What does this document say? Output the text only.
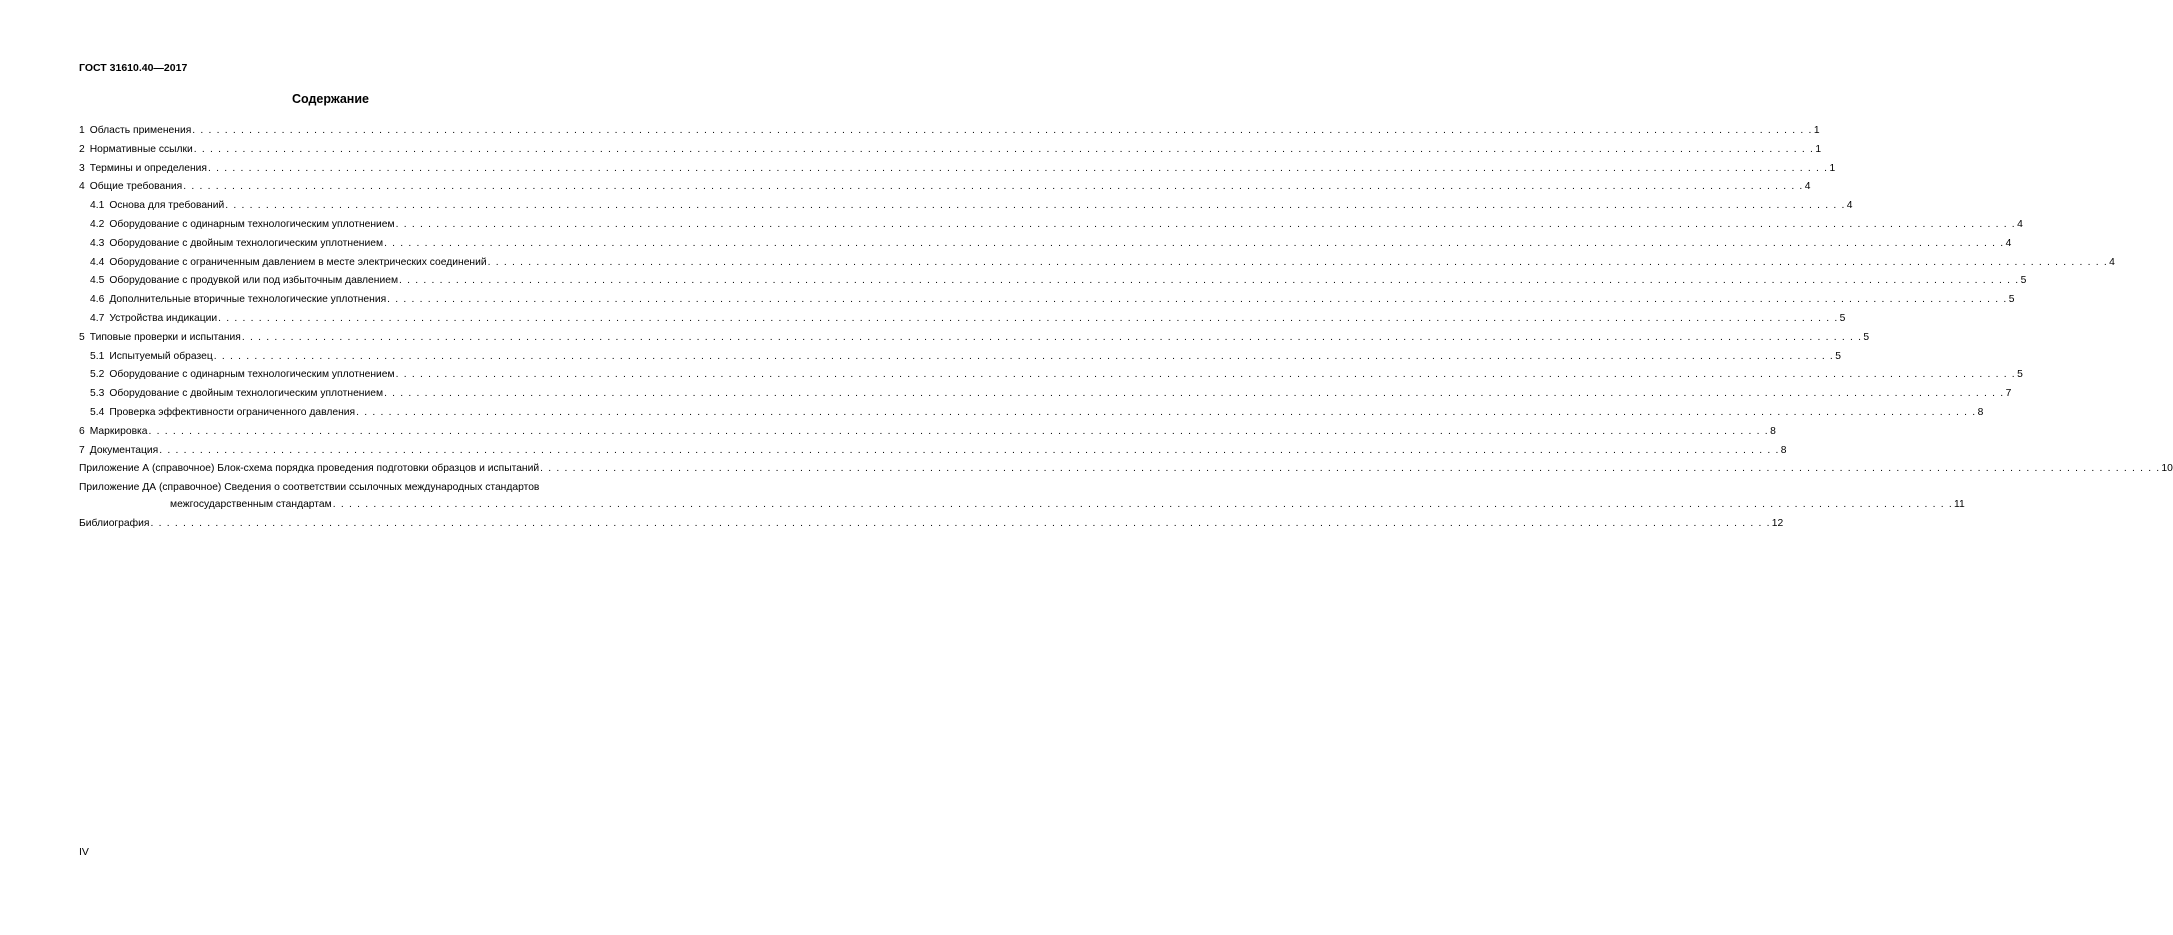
ГОСТ 31610.40—2017
Содержание
1 Область применения . . . . . . . . . . . . . . . . . . . . . . . . . . . . . . . . . . . . . . . . . . . . . . . . . . . . . . . . . . . . . . . . . . . . . . . . . . . . . . . . . . . . . . . . . . . . . . . . . . . . . . . . . . . . . . . . . . . . . . . . . . . . . . . . . . . . . . . . . . . . . . . . . . . . . . . . . . . . . . . . . . . . . . . . . . . . . . . . . . . . . . . . . . . . . . . . . . . . . . . . 1
2 Нормативные ссылки . . . . . . . . . . . . . . . . . . . . . . . . . . . . . . . . . . . . . . . . . . . . . . . . . . . . . . . . . . . . . . . . . . . . . . . . . . . . . . . . . . . . . . . . . . . . . . . . . . . . . . . . . . . . . . . . . . . . . . . . . . . . . . . . . . . . . . . . . . . . . . . . . . . . . . . . . . . . . . . . . . . . . . . . . . . . . . . . . . . . . . . . . . . . . . . . . . . . . . . . 1
3 Термины и определения . . . . . . . . . . . . . . . . . . . . . . . . . . . . . . . . . . . . . . . . . . . . . . . . . . . . . . . . . . . . . . . . . . . . . . . . . . . . . . . . . . . . . . . . . . . . . . . . . . . . . . . . . . . . . . . . . . . . . . . . . . . . . . . . . . . . . . . . . . . . . . . . . . . . . . . . . . . . . . . . . . . . . . . . . . . . . . . . . . . . . . . . . . . . . . . . . . . . . . . . 1
4 Общие требования . . . . . . . . . . . . . . . . . . . . . . . . . . . . . . . . . . . . . . . . . . . . . . . . . . . . . . . . . . . . . . . . . . . . . . . . . . . . . . . . . . . . . . . . . . . . . . . . . . . . . . . . . . . . . . . . . . . . . . . . . . . . . . . . . . . . . . . . . . . . . . . . . . . . . . . . . . . . . . . . . . . . . . . . . . . . . . . . . . . . . . . . . . . . . . . . . . . . . . . . 4
4.1 Основа для требований . . . . . . . . . . . . . . . . . . . . . . . . . . . . . . . . . . . . . . . . . . . . . . . . . . . . . . . . . . . . . . . . . . . . . . . . . . . . . . . . . . . . . . . . . . . . . . . . . . . . . . . . . . . . . . . . . . . . . . . . . . . . . . . . . . . . . . . . . . . . . . . . . . . . . . . . . . . . . . . . . . . . . . . . . . . . . . . . . . . . . . . . . . . . . . . . . . . . . . . . 4
4.2 Оборудование с одинарным технологическим уплотнением . . . . . . . . . . . . . . . . . . . . . . . . . . . . . . . . . . . . . . . . . . . . . . . . . . . . . . . . . . . . . . . . . . . . . . . . . . . . . . . . . . . . . . . . . . . . . . . . . . . . . . . . . . . . . . . . . . . . . . . . . . . . . . . . . . . . . . . . . . . . . . . . . . . . . . . . . . . . . . . . . . . . . . . . . . . . . . . . . . . . . . . . . . . . . . . . . . . . . . . . 4
4.3 Оборудование с двойным технологическим уплотнением . . . . . . . . . . . . . . . . . . . . . . . . . . . . . . . . . . . . . . . . . . . . . . . . . . . . . . . . . . . . . . . . . . . . . . . . . . . . . . . . . . . . . . . . . . . . . . . . . . . . . . . . . . . . . . . . . . . . . . . . . . . . . . . . . . . . . . . . . . . . . . . . . . . . . . . . . . . . . . . . . . . . . . . . . . . . . . . . . . . . . . . . . . . . . . . . . . . . . . . . 4
4.4 Оборудование с ограниченным давлением в месте электрических соединений . . . . . . . . . . . . . . . . . . . . . . . . . . . . . . . . . . . . . . . . . . . . . . . . . . . . . . . . . . . . . . . . . . . . . . . . . . . . . . . . . . . . . . . . . . . . . . . . . . . . . . . . . . . . . . . . . . . . . . . . . . . . . . . . . . . . . . . . . . . . . . . . . . . . . . . . . . . . . . . . . . . . . . . . . . . . . . . . . . . . . . . . . . . . . . . . . . . . . . . . 4
4.5 Оборудование с продувкой или под избыточным давлением . . . . . . . . . . . . . . . . . . . . . . . . . . . . . . . . . . . . . . . . . . . . . . . . . . . . . . . . . . . . . . . . . . . . . . . . . . . . . . . . . . . . . . . . . . . . . . . . . . . . . . . . . . . . . . . . . . . . . . . . . . . . . . . . . . . . . . . . . . . . . . . . . . . . . . . . . . . . . . . . . . . . . . . . . . . . . . . . . . . . . . . . . . . . . . . . . . . . . . . . 5
4.6 Дополнительные вторичные технологические уплотнения . . . . . . . . . . . . . . . . . . . . . . . . . . . . . . . . . . . . . . . . . . . . . . . . . . . . . . . . . . . . . . . . . . . . . . . . . . . . . . . . . . . . . . . . . . . . . . . . . . . . . . . . . . . . . . . . . . . . . . . . . . . . . . . . . . . . . . . . . . . . . . . . . . . . . . . . . . . . . . . . . . . . . . . . . . . . . . . . . . . . . . . . . . . . . . . . . . . . . . . . 5
4.7 Устройства индикации . . . . . . . . . . . . . . . . . . . . . . . . . . . . . . . . . . . . . . . . . . . . . . . . . . . . . . . . . . . . . . . . . . . . . . . . . . . . . . . . . . . . . . . . . . . . . . . . . . . . . . . . . . . . . . . . . . . . . . . . . . . . . . . . . . . . . . . . . . . . . . . . . . . . . . . . . . . . . . . . . . . . . . . . . . . . . . . . . . . . . . . . . . . . . . . . . . . . . . . . 5
5 Типовые проверки и испытания . . . . . . . . . . . . . . . . . . . . . . . . . . . . . . . . . . . . . . . . . . . . . . . . . . . . . . . . . . . . . . . . . . . . . . . . . . . . . . . . . . . . . . . . . . . . . . . . . . . . . . . . . . . . . . . . . . . . . . . . . . . . . . . . . . . . . . . . . . . . . . . . . . . . . . . . . . . . . . . . . . . . . . . . . . . . . . . . . . . . . . . . . . . . . . . . . . . . . . . . 5
5.1 Испытуемый образец . . . . . . . . . . . . . . . . . . . . . . . . . . . . . . . . . . . . . . . . . . . . . . . . . . . . . . . . . . . . . . . . . . . . . . . . . . . . . . . . . . . . . . . . . . . . . . . . . . . . . . . . . . . . . . . . . . . . . . . . . . . . . . . . . . . . . . . . . . . . . . . . . . . . . . . . . . . . . . . . . . . . . . . . . . . . . . . . . . . . . . . . . . . . . . . . . . . . . . . . 5
5.2 Оборудование с одинарным технологическим уплотнением . . . . . . . . . . . . . . . . . . . . . . . . . . . . . . . . . . . . . . . . . . . . . . . . . . . . . . . . . . . . . . . . . . . . . . . . . . . . . . . . . . . . . . . . . . . . . . . . . . . . . . . . . . . . . . . . . . . . . . . . . . . . . . . . . . . . . . . . . . . . . . . . . . . . . . . . . . . . . . . . . . . . . . . . . . . . . . . . . . . . . . . . . . . . . . . . . . . . . . . . 5
5.3 Оборудование с двойным технологическим уплотнением . . . . . . . . . . . . . . . . . . . . . . . . . . . . . . . . . . . . . . . . . . . . . . . . . . . . . . . . . . . . . . . . . . . . . . . . . . . . . . . . . . . . . . . . . . . . . . . . . . . . . . . . . . . . . . . . . . . . . . . . . . . . . . . . . . . . . . . . . . . . . . . . . . . . . . . . . . . . . . . . . . . . . . . . . . . . . . . . . . . . . . . . . . . . . . . . . . . . . . . . 7
5.4 Проверка эффективности ограниченного давления . . . . . . . . . . . . . . . . . . . . . . . . . . . . . . . . . . . . . . . . . . . . . . . . . . . . . . . . . . . . . . . . . . . . . . . . . . . . . . . . . . . . . . . . . . . . . . . . . . . . . . . . . . . . . . . . . . . . . . . . . . . . . . . . . . . . . . . . . . . . . . . . . . . . . . . . . . . . . . . . . . . . . . . . . . . . . . . . . . . . . . . . . . . . . . . . . . . . . . . . 8
6 Маркировка . . . . . . . . . . . . . . . . . . . . . . . . . . . . . . . . . . . . . . . . . . . . . . . . . . . . . . . . . . . . . . . . . . . . . . . . . . . . . . . . . . . . . . . . . . . . . . . . . . . . . . . . . . . . . . . . . . . . . . . . . . . . . . . . . . . . . . . . . . . . . . . . . . . . . . . . . . . . . . . . . . . . . . . . . . . . . . . . . . . . . . . . . . . . . . . . . . . . . . . . 8
7 Документация . . . . . . . . . . . . . . . . . . . . . . . . . . . . . . . . . . . . . . . . . . . . . . . . . . . . . . . . . . . . . . . . . . . . . . . . . . . . . . . . . . . . . . . . . . . . . . . . . . . . . . . . . . . . . . . . . . . . . . . . . . . . . . . . . . . . . . . . . . . . . . . . . . . . . . . . . . . . . . . . . . . . . . . . . . . . . . . . . . . . . . . . . . . . . . . . . . . . . . . . 8
Приложение А (справочное) Блок-схема порядка проведения подготовки образцов и испытаний . . . . . . . . . . . . . . . . . . . . . . . . . . . . . . . . . . . . . . . . . . . . . . . . . . . . . . . . . . . . . . . . . . . . . . . . . . . . . . . . . . . . . . . . . . . . . . . . . . . . . . . . . . . . . . . . . . . . . . . . . . . . . . . . . . . . . . . . . . . . . . . . . . . . . . . . . . . . . . . . . . . . . . . . . . . . . . . . . . . . . . . . . . . . . . . . . . . . . . . . 10
Приложение ДА (справочное) Сведения о соответствии ссылочных международных стандартов
межгосударственным стандартам . . . . . . . . . . . . . . . . . . . . . . . . . . . . . . . . . . . . . . . . . . . . . . . . . . . . . . . . . . . . . . . . . . . . . . . . . . . . . . . . . . . . . . . . . . . . . . . . . . . . . . . . . . . . . . . . . . . . . . . . . . . . . . . . . . . . . . . . . . . . . . . . . . . . . . . . . . . . . . . . . . . . . . . . . . . . . . . . . . . . . . . . . . . . . . . . . . . . . . . . 11
Библиография . . . . . . . . . . . . . . . . . . . . . . . . . . . . . . . . . . . . . . . . . . . . . . . . . . . . . . . . . . . . . . . . . . . . . . . . . . . . . . . . . . . . . . . . . . . . . . . . . . . . . . . . . . . . . . . . . . . . . . . . . . . . . . . . . . . . . . . . . . . . . . . . . . . . . . . . . . . . . . . . . . . . . . . . . . . . . . . . . . . . . . . . . . . . . . . . . . . . . . . . 12
IV
